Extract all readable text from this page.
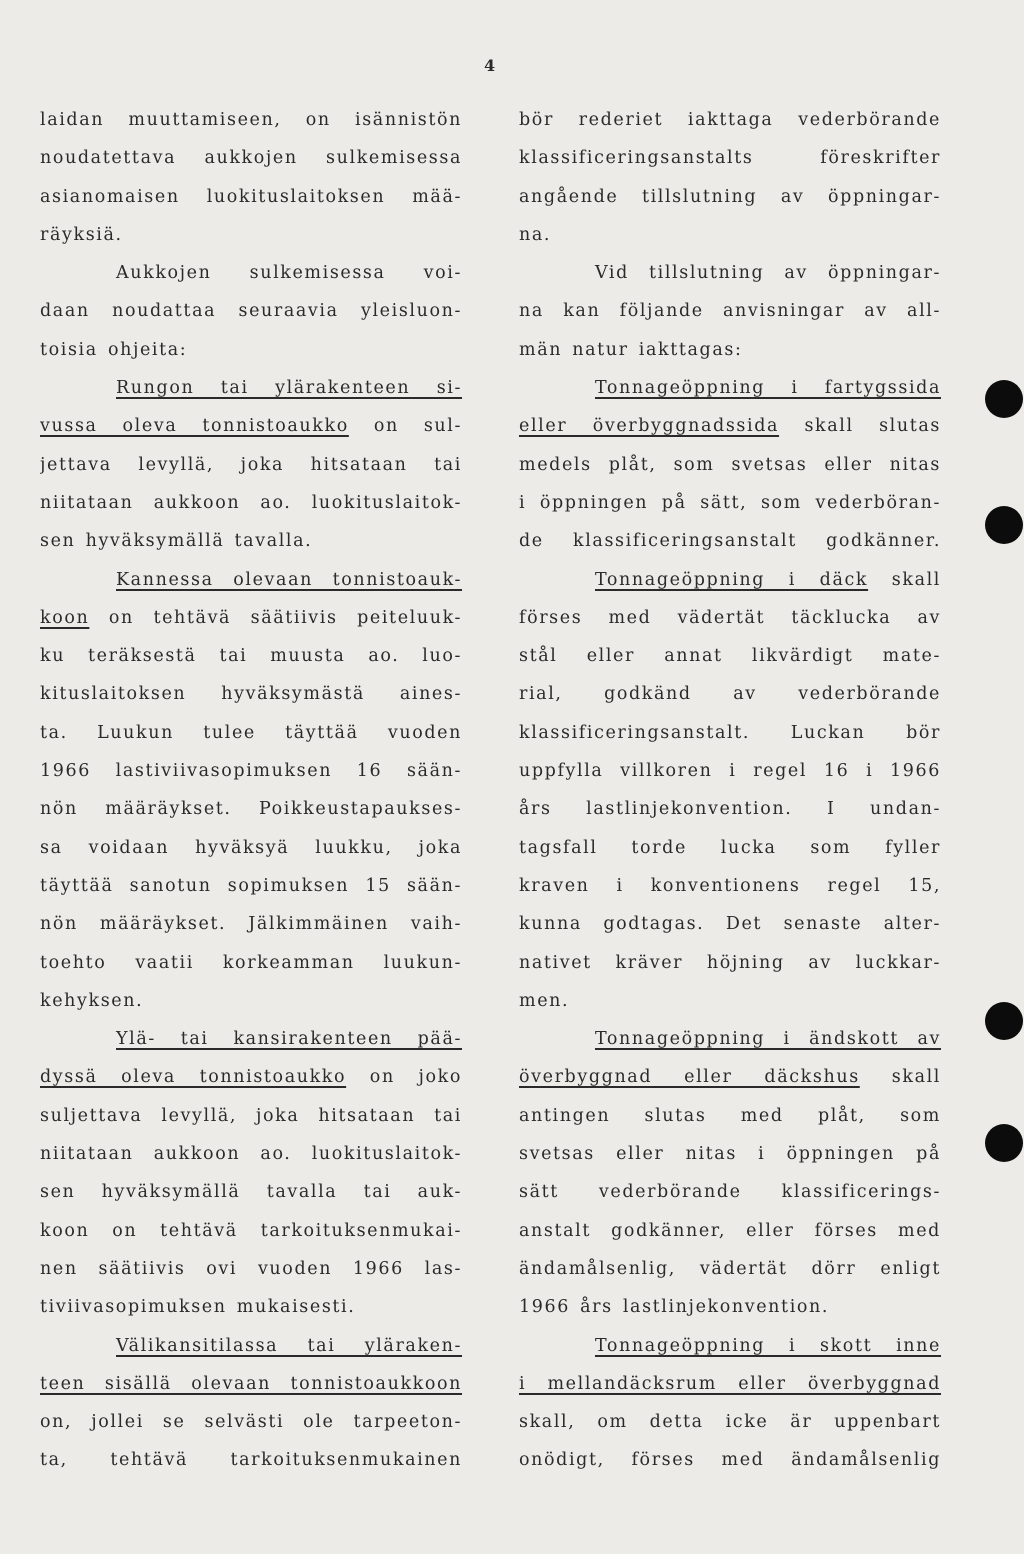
4
laidan muuttamiseen, on isännistön
noudatettava aukkojen sulkemisessa
asianomaisen luokituslaitoksen mää-
räyksiä.
Aukkojen sulkemisessa voi-
daan noudattaa seuraavia yleisluon-
toisia ohjeita:
Rungon tai ylärakenteen si-
vussa oleva tonnistoaukko on sul-
jettava levyllä, joka hitsataan tai
niitataan aukkoon ao. luokituslaitok-
sen hyväksymällä tavalla.
Kannessa olevaan tonnistoauk-
koon on tehtävä säätiivis peiteluuk-
ku teräksestä tai muusta ao. luo-
kituslaitoksen hyväksymästä aines-
ta. Luukun tulee täyttää vuoden
1966 lastiviivasopimuksen 16 sään-
nön määräykset. Poikkeustapaukses-
sa voidaan hyväksyä luukku, joka
täyttää sanotun sopimuksen 15 sään-
nön määräykset. Jälkimmäinen vaih-
toehto vaatii korkeamman luukun-
kehyksen.
Ylä- tai kansirakenteen pää-
dyssä oleva tonnistoaukko on joko
suljettava levyllä, joka hitsataan tai
niitataan aukkoon ao. luokituslaitok-
sen hyväksymällä tavalla tai auk-
koon on tehtävä tarkoituksenmukai-
nen säätiivis ovi vuoden 1966 las-
tiviivasopimuksen mukaisesti.
Välikansitilassa tai yläraken-
teen sisällä olevaan tonnistoaukkoon
on, jollei se selvästi ole tarpeeton-
ta, tehtävä tarkoituksenmukainen
bör rederiet iakttaga vederbörande
klassificeringsanstalts föreskrifter
angående tillslutning av öppningar-
na.
Vid tillslutning av öppningar-
na kan följande anvisningar av all-
män natur iakttagas:
Tonnageöppning i fartygssida
eller överbyggnadssida skall slutas
medels plåt, som svetsas eller nitas
i öppningen på sätt, som vederböran-
de klassificeringsanstalt godkänner.
Tonnageöppning i däck skall
förses med vädertät täcklucka av
stål eller annat likvärdigt mate-
rial, godkänd av vederbörande
klassificeringsanstalt. Luckan bör
uppfylla villkoren i regel 16 i 1966
års lastlinjekonvention. I undan-
tagsfall torde lucka som fyller
kraven i konventionens regel 15,
kunna godtagas. Det senaste alter-
nativet kräver höjning av luckkar-
men.
Tonnageöppning i ändskott av
överbyggnad eller däckshus skall
antingen slutas med plåt, som
svetsas eller nitas i öppningen på
sätt vederbörande klassificerings-
anstalt godkänner, eller förses med
ändamålsenlig, vädertät dörr enligt
1966 års lastlinjekonvention.
Tonnageöppning i skott inne
i mellandäcksrum eller överbyggnad
skall, om detta icke är uppenbart
onödigt, förses med ändamålsenlig
